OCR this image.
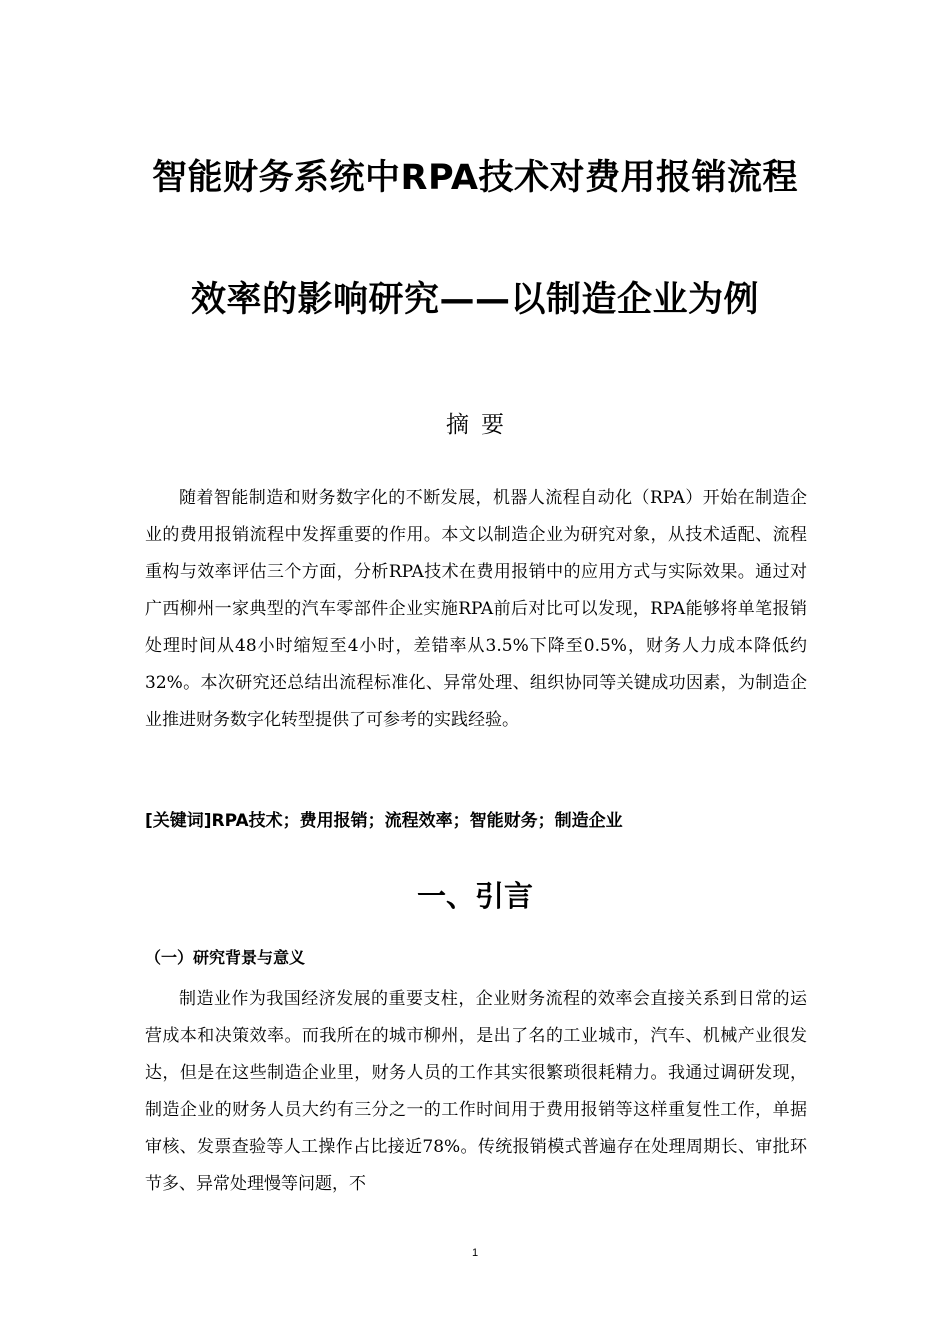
智能财务系统中RPA技术对费用报销流程
效率的影响研究——以制造企业为例
摘要

随着智能制造和财务数字化的不断发展，机器人流程自动化（RPA）开始在制造企业的费用报销流程中发挥重要的作用。本文以制造企业为研究对象，从技术适配、流程重构与效率评估三个方面，分析RPA技术在费用报销中的应用方式与实际效果。通过对广西柳州一家典型的汽车零部件企业实施RPA前后对比可以发现，RPA能够将单笔报销处理时间从48小时缩短至4小时，差错率从3.5%下降至0.5%，财务人力成本降低约32%。本次研究还总结出流程标准化、异常处理、组织协同等关键成功因素，为制造企业推进财务数字化转型提供了可参考的实践经验。

[关键词]RPA技术；费用报销；流程效率；智能财务；制造企业
一、引言
（一）研究背景与意义

制造业作为我国经济发展的重要支柱，企业财务流程的效率会直接关系到日常的运营成本和决策效率。而我所在的城市柳州，是出了名的工业城市，汽车、机械产业很发达，但是在这些制造企业里，财务人员的工作其实很繁琐很耗精力。我通过调研发现，制造企业的财务人员大约有三分之一的工作时间用于费用报销等这样重复性工作，单据审核、发票查验等人工操作占比接近78%。传统报销模式普遍存在处理周期长、审批环节多、异常处理慢等问题，不

1
